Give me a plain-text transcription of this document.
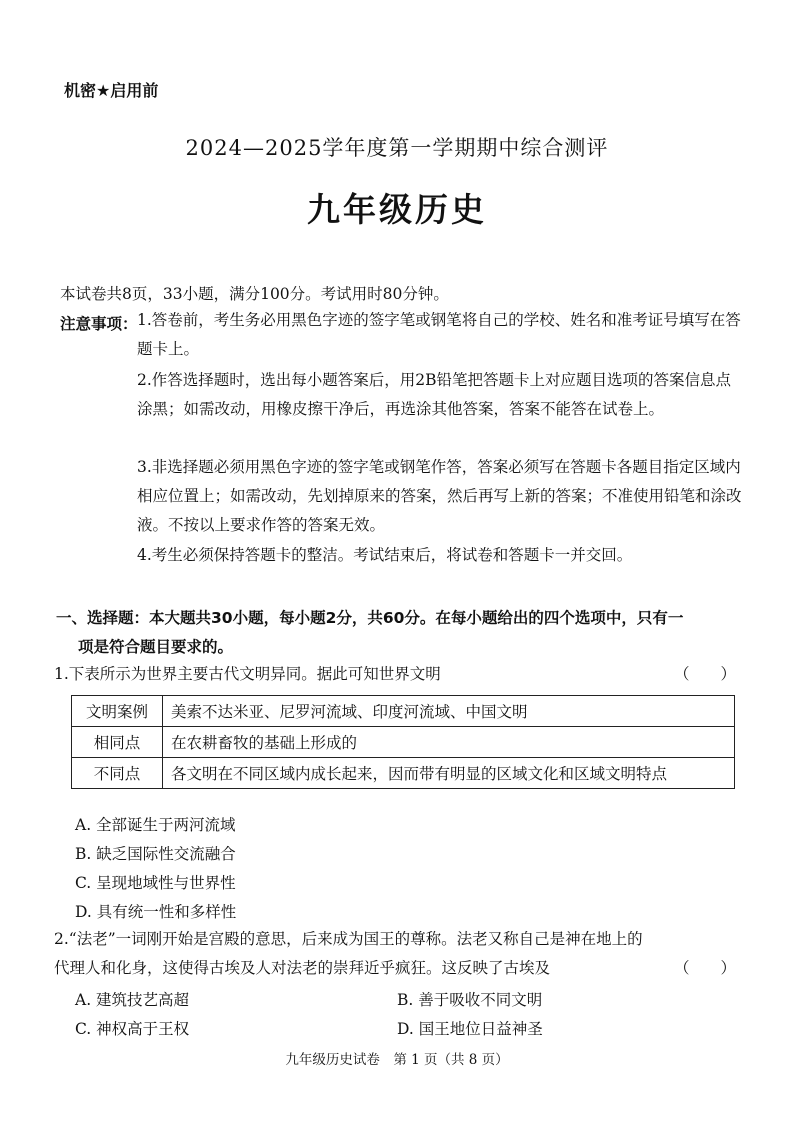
机密★启用前
2024—2025学年度第一学期期中综合测评
九年级历史
本试卷共8页，33小题，满分100分。考试用时80分钟。
注意事项： 1.答卷前，考生务必用黑色字迹的签字笔或钢笔将自己的学校、姓名和准考证号填写在答题卡上。
2.作答选择题时，选出每小题答案后，用2B铅笔把答题卡上对应题目选项的答案信息点涂黑；如需改动，用橡皮擦干净后，再选涂其他答案，答案不能答在试卷上。
3.非选择题必须用黑色字迹的签字笔或钢笔作答，答案必须写在答题卡各题目指定区域内相应位置上；如需改动，先划掉原来的答案，然后再写上新的答案；不准使用铅笔和涂改液。不按以上要求作答的答案无效。
4.考生必须保持答题卡的整洁。考试结束后，将试卷和答题卡一并交回。
一、选择题：本大题共30小题，每小题2分，共60分。在每小题给出的四个选项中，只有一
项是符合题目要求的。
1.下表所示为世界主要古代文明异同。据此可知世界文明	（　　）
文明案例	美索不达米亚、尼罗河流域、印度河流域、中国文明
相同点	在农耕畜牧的基础上形成的
不同点	各文明在不同区域内成长起来，因而带有明显的区域文化和区域文明特点
A. 全部诞生于两河流域
B. 缺乏国际性交流融合
C. 呈现地域性与世界性
D. 具有统一性和多样性
2.“法老”一词刚开始是宫殿的意思，后来成为国王的尊称。法老又称自己是神在地上的
代理人和化身，这使得古埃及人对法老的崇拜近乎疯狂。这反映了古埃及	（　　）
A. 建筑技艺高超	B. 善于吸收不同文明
C. 神权高于王权	D. 国王地位日益神圣
九年级历史试卷　第 1 页（共 8 页）
